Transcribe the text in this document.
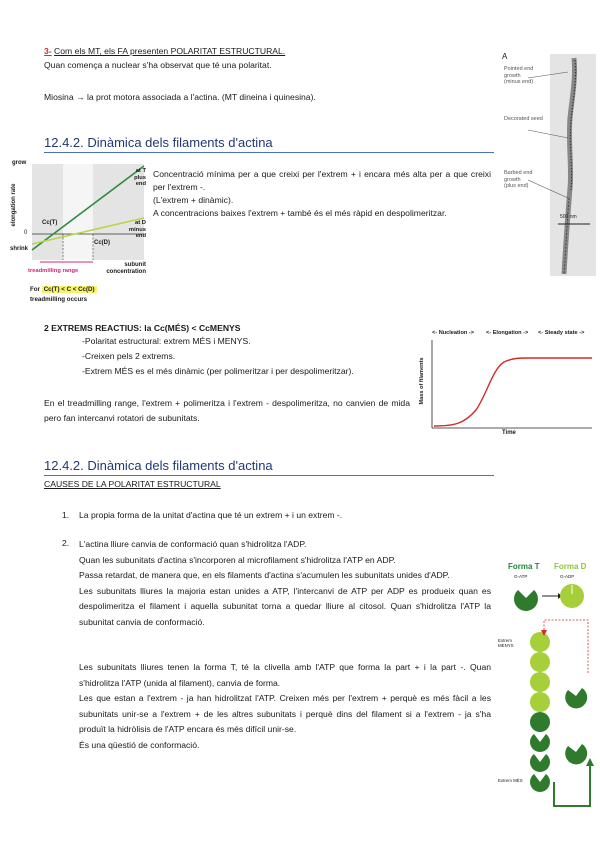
3- Com els MT, els FA presenten POLARITAT ESTRUCTURAL.
Quan comença a nuclear s'ha observat que té una polaritat.
Miosina → la prot motora associada a l'actina. (MT dineina i quinesina).
A
Pointed end growth
(minus end)
Decorated seed
Barbed end growth
(plus end)
500 nm
12.4.2. Dinàmica dels filaments d'actina
grow
shrink
0
elongation rate
at T
plus
end
at D
minus
end
Cc(T)
Cc(D)
treadmilling range
subunit
concentration
For Cc(T) < C < Cc(D)
treadmilling occurs
Concentració mínima per a que creixi per l'extrem + i encara més alta per a que creixi per l'extrem -.
(L'extrem + dinàmic).
A concentracions baixes l'extrem + també és el més ràpid en despolimeritzar.
2 EXTREMS REACTIUS: la Cc(MÉS) < CcMENYS
-Polaritat estructural: extrem MÉS i MENYS.
-Creixen pels 2 extrems.
-Extrem MÉS es el més dinàmic (per polimeritzar i per despolimeritzar).
En el treadmilling range, l'extrem + polimeritza i l'extrem - despolimeritza, no canvien de mida pero fan intercanvi rotatori de subunitats.
<- Nucleation -> <- Elongation -> <- Steady state ->
Mass of filaments
Time
12.4.2. Dinàmica dels filaments d'actina
CAUSES DE LA POLARITAT ESTRUCTURAL
1. La propia forma de la unitat d'actina que té un extrem + i un extrem -.
2. L'actina lliure canvia de conformació quan s'hidrolitza l'ADP.
Quan les subunitats d'actina s'incorporen al microfilament s'hidrolitza l'ATP en ADP.
Passa retardat, de manera que, en els filaments d'actina s'acumulen les subunitats unides d'ADP.
Les subunitats lliures la majoria estan unides a ATP, l'intercanvi de ATP per ADP es produeix quan es despolimeritza el filament i aquella subunitat torna a quedar lliure al citosol. Quan s'hidrolitza l'ATP la subunitat canvia de conformació.
Les subunitats lliures tenen la forma T, té la clivella amb l'ATP que forma la part + i la part -. Quan s'hidrolitza l'ATP (unida al filament), canvia de forma.
Les que estan a l'extrem - ja han hidrolitzat l'ATP. Creixen més per l'extrem + perquè es més fàcil a les subunitats unir-se a l'extrem + de les altres subunitats i perquè dins del filament si a l'extrem - ja s'ha produït la hidròlisis de l'ATP encara és més difícil unir-se.
És una qüestió de conformació.
Forma T Forma D
G-ATP	G-ADP
Extrem MENYS
Extrem MÉS
